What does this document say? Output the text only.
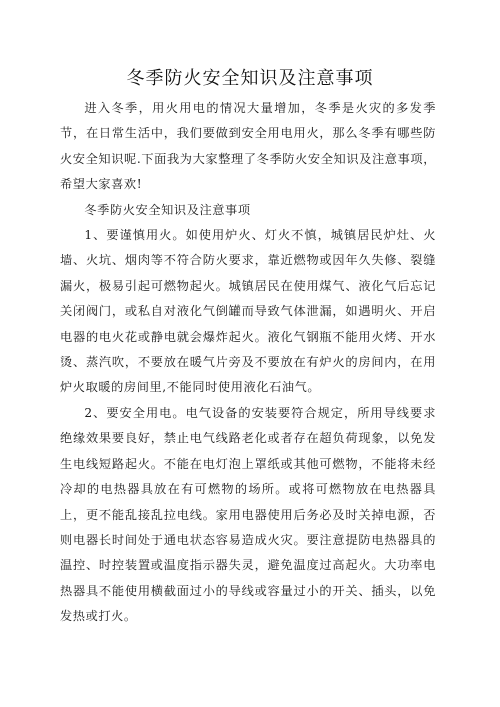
冬季防火安全知识及注意事项

进入冬季，用火用电的情况大量增加，冬季是火灾的多发季节，在日常生活中，我们要做到安全用电用火，那么冬季有哪些防火安全知识呢.下面我为大家整理了冬季防火安全知识及注意事项，希望大家喜欢!

冬季防火安全知识及注意事项

1、要谨慎用火。如使用炉火、灯火不慎，城镇居民炉灶、火墙、火坑、烟肉等不符合防火要求，靠近燃物或因年久失修、裂缝漏火，极易引起可燃物起火。城镇居民在使用煤气、液化气后忘记关闭阀门，或私自对液化气倒罐而导致气体泄漏，如遇明火、开启电器的电火花或静电就会爆炸起火。液化气钢瓶不能用火烤、开水烫、蒸汽吹，不要放在暖气片旁及不要放在有炉火的房间内，在用炉火取暖的房间里,不能同时使用液化石油气。

2、要安全用电。电气设备的安装要符合规定，所用导线要求绝缘效果要良好，禁止电气线路老化或者存在超负荷现象，以免发生电线短路起火。不能在电灯泡上罩纸或其他可燃物，不能将未经冷却的电热器具放在有可燃物的场所。或将可燃物放在电热器具上，更不能乱接乱拉电线。家用电器使用后务必及时关掉电源，否则电器长时间处于通电状态容易造成火灾。要注意提防电热器具的温控、时控装置或温度指示器失灵，避免温度过高起火。大功率电热器具不能使用横截面过小的导线或容量过小的开关、插头，以免发热或打火。
